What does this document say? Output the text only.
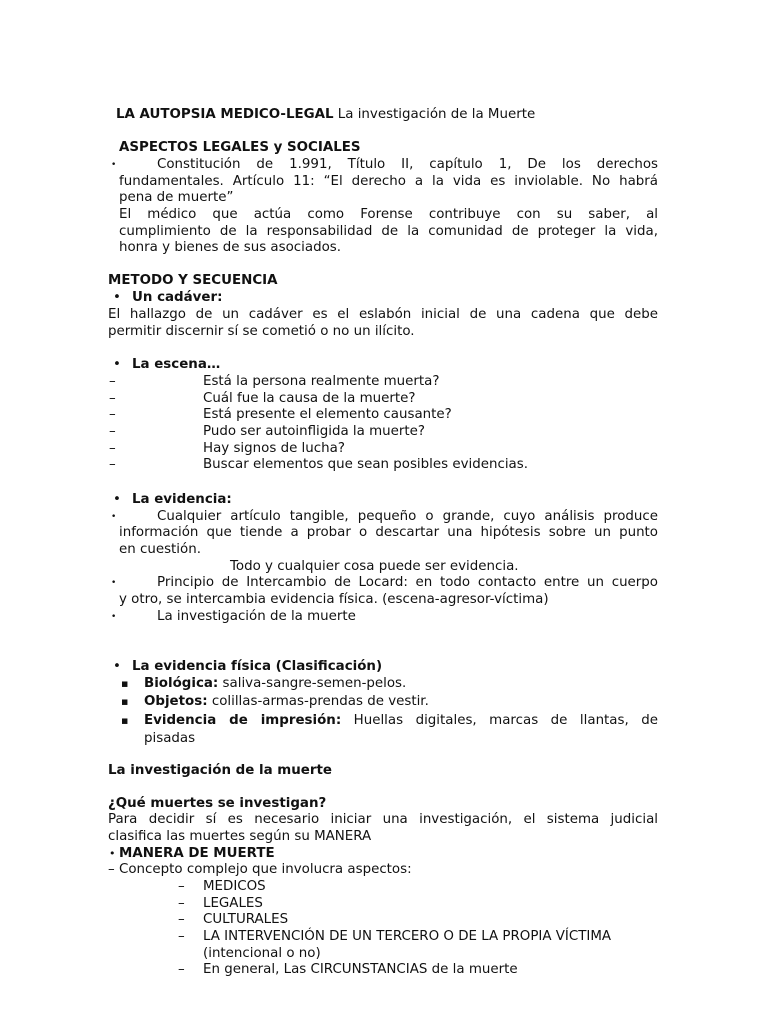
LA AUTOPSIA MEDICO-LEGAL La investigación de la Muerte
ASPECTOS LEGALES y SOCIALES
•	Constitución de 1.991, Título II, capítulo 1, De los derechos
fundamentales. Artículo 11: “El derecho a la vida es inviolable. No habrá
pena de muerte”
El médico que actúa como Forense contribuye con su saber, al
cumplimiento de la responsabilidad de la comunidad de proteger la vida,
honra y bienes de sus asociados.
METODO Y SECUENCIA
• Un cadáver:
El hallazgo de un cadáver es el eslabón inicial de una cadena que debe
permitir discernir sí se cometió o no un ilícito.
• La escena…
–	Está la persona realmente muerta?
–	Cuál fue la causa de la muerte?
–	Está presente el elemento causante?
–	Pudo ser autoinfligida la muerte?
–	Hay signos de lucha?
–	Buscar elementos que sean posibles evidencias.
• La evidencia:
•	Cualquier artículo tangible, pequeño o grande, cuyo análisis produce
información que tiende a probar o descartar una hipótesis sobre un punto
en cuestión.
Todo y cualquier cosa puede ser evidencia.
•	Principio de Intercambio de Locard: en todo contacto entre un cuerpo
y otro, se intercambia evidencia física. (escena-agresor-víctima)
•	La investigación de la muerte
• La evidencia física (Clasificación)
▪ Biológica: saliva-sangre-semen-pelos.
▪ Objetos: colillas-armas-prendas de vestir.
▪ Evidencia de impresión: Huellas digitales, marcas de llantas, de
pisadas
La investigación de la muerte
¿Qué muertes se investigan?
Para decidir sí es necesario iniciar una investigación, el sistema judicial
clasifica las muertes según su MANERA
• MANERA DE MUERTE
– Concepto complejo que involucra aspectos:
– MEDICOS
– LEGALES
– CULTURALES
– LA INTERVENCIÓN DE UN TERCERO O DE LA PROPIA VÍCTIMA
(intencional o no)
– En general, Las CIRCUNSTANCIAS de la muerte
